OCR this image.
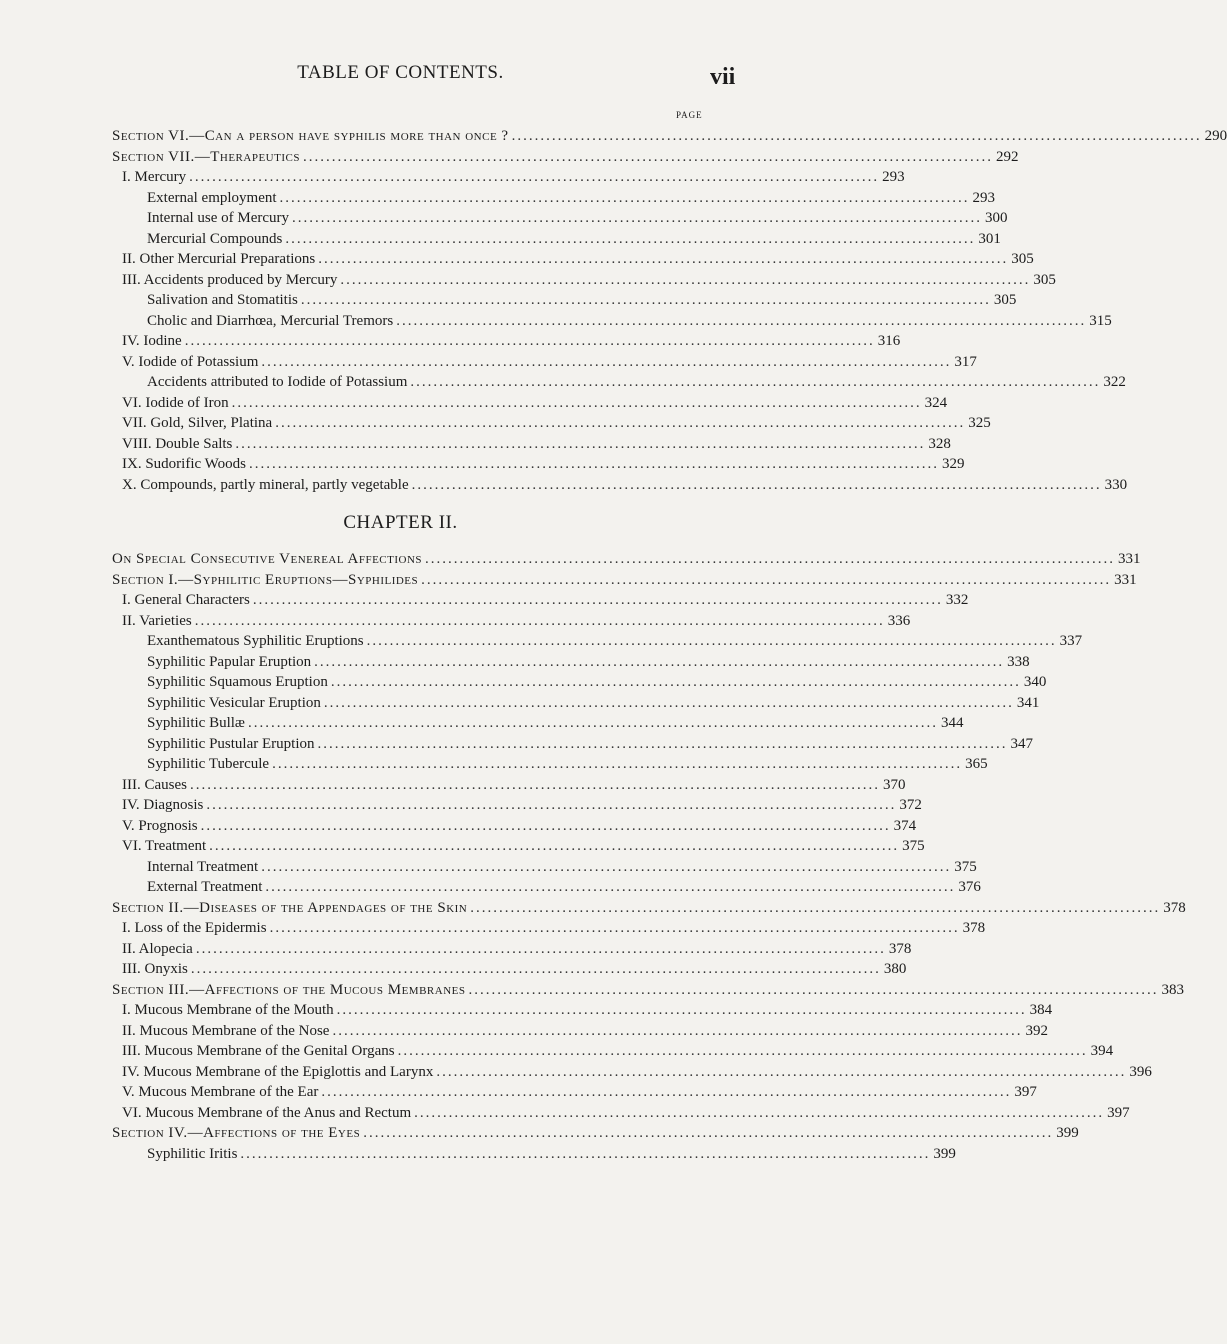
TABLE OF CONTENTS.	vii
PAGE
Section VI.—Can a person have syphilis more than once ? ........................................................................................................................ 290
Section VII.—Therapeutics ........................................................................................................................ 292
I. Mercury ........................................................................................................................ 293
External employment ........................................................................................................................ 293
Internal use of Mercury ........................................................................................................................ 300
Mercurial Compounds ........................................................................................................................ 301
II. Other Mercurial Preparations ........................................................................................................................ 305
III. Accidents produced by Mercury ........................................................................................................................ 305
Salivation and Stomatitis ........................................................................................................................ 305
Cholic and Diarrhœa, Mercurial Tremors ........................................................................................................................ 315
IV. Iodine ........................................................................................................................ 316
V. Iodide of Potassium ........................................................................................................................ 317
Accidents attributed to Iodide of Potassium ........................................................................................................................ 322
VI. Iodide of Iron ........................................................................................................................ 324
VII. Gold, Silver, Platina ........................................................................................................................ 325
VIII. Double Salts ........................................................................................................................ 328
IX. Sudorific Woods ........................................................................................................................ 329
X. Compounds, partly mineral, partly vegetable ........................................................................................................................ 330
CHAPTER II.
On Special Consecutive Venereal Affections ........................................................................................................................ 331
Section I.—Syphilitic Eruptions—Syphilides ........................................................................................................................ 331
I. General Characters ........................................................................................................................ 332
II. Varieties ........................................................................................................................ 336
Exanthematous Syphilitic Eruptions ........................................................................................................................ 337
Syphilitic Papular Eruption ........................................................................................................................ 338
Syphilitic Squamous Eruption ........................................................................................................................ 340
Syphilitic Vesicular Eruption ........................................................................................................................ 341
Syphilitic Bullæ ........................................................................................................................ 344
Syphilitic Pustular Eruption ........................................................................................................................ 347
Syphilitic Tubercule ........................................................................................................................ 365
III. Causes ........................................................................................................................ 370
IV. Diagnosis ........................................................................................................................ 372
V. Prognosis ........................................................................................................................ 374
VI. Treatment ........................................................................................................................ 375
Internal Treatment ........................................................................................................................ 375
External Treatment ........................................................................................................................ 376
Section II.—Diseases of the Appendages of the Skin ........................................................................................................................ 378
I. Loss of the Epidermis ........................................................................................................................ 378
II. Alopecia ........................................................................................................................ 378
III. Onyxis ........................................................................................................................ 380
Section III.—Affections of the Mucous Membranes ........................................................................................................................ 383
I. Mucous Membrane of the Mouth ........................................................................................................................ 384
II. Mucous Membrane of the Nose ........................................................................................................................ 392
III. Mucous Membrane of the Genital Organs ........................................................................................................................ 394
IV. Mucous Membrane of the Epiglottis and Larynx ........................................................................................................................ 396
V. Mucous Membrane of the Ear ........................................................................................................................ 397
VI. Mucous Membrane of the Anus and Rectum ........................................................................................................................ 397
Section IV.—Affections of the Eyes ........................................................................................................................ 399
Syphilitic Iritis ........................................................................................................................ 399
